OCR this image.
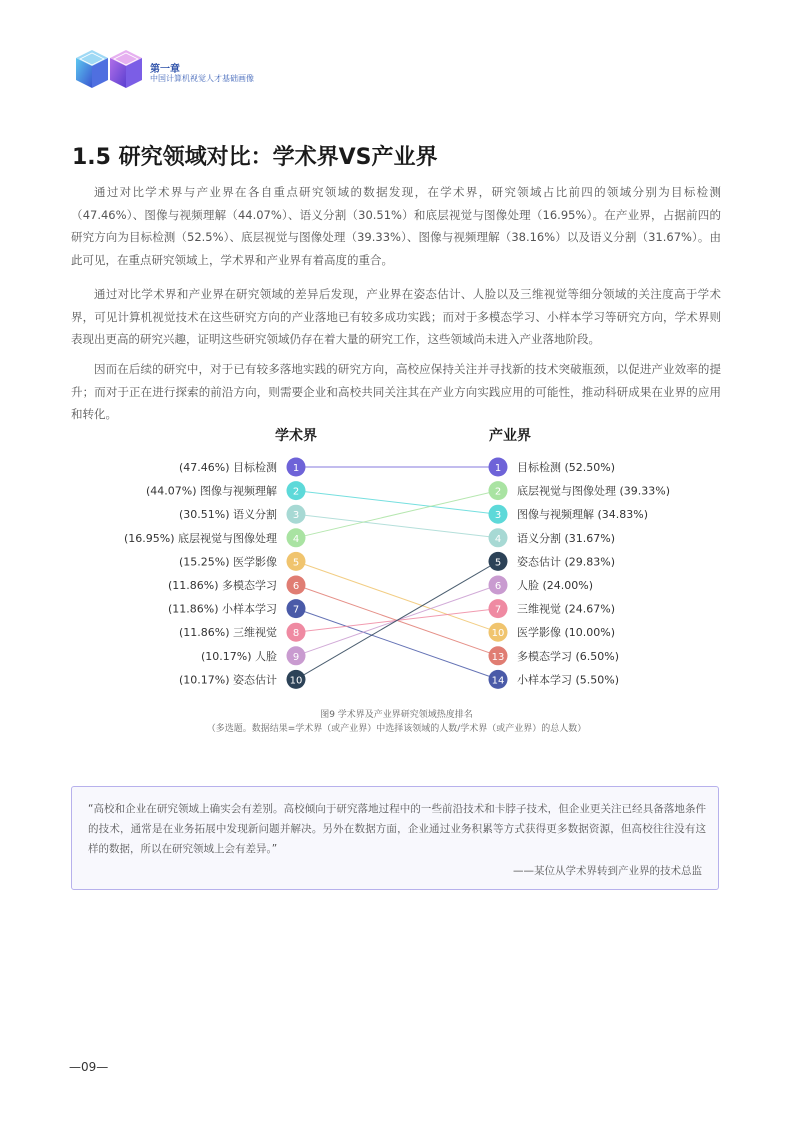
第一章
中国计算机视觉人才基础画像
1.5 研究领域对比：学术界VS产业界

通过对比学术界与产业界在各自重点研究领域的数据发现，在学术界，研究领域占比前四的领域分别为目标检测（47.46%）、图像与视频理解（44.07%）、语义分割（30.51%）和底层视觉与图像处理（16.95%）。在产业界，占据前四的研究方向为目标检测（52.5%）、底层视觉与图像处理（39.33%）、图像与视频理解（38.16%）以及语义分割（31.67%）。由此可见，在重点研究领域上，学术界和产业界有着高度的重合。

通过对比学术界和产业界在研究领域的差异后发现，产业界在姿态估计、人脸以及三维视觉等细分领域的关注度高于学术界，可见计算机视觉技术在这些研究方向的产业落地已有较多成功实践；而对于多模态学习、小样本学习等研究方向，学术界则表现出更高的研究兴趣，证明这些研究领域仍存在着大量的研究工作，这些领域尚未进入产业落地阶段。

因而在后续的研究中，对于已有较多落地实践的研究方向，高校应保持关注并寻找新的技术突破瓶颈，以促进产业效率的提升；而对于正在进行探索的前沿方向，则需要企业和高校共同关注其在产业方向实践应用的可能性，推动科研成果在业界的应用和转化。

学术界	产业界
1
(47.46%) 目标检测
2
(44.07%) 图像与视频理解
3
(30.51%) 语义分割
4
(16.95%) 底层视觉与图像处理
5
(15.25%) 医学影像
6
(11.86%) 多模态学习
7
(11.86%) 小样本学习
8
(11.86%) 三维视觉
9
(10.17%) 人脸
10
(10.17%) 姿态估计
1 目标检测 (52.50%)
2 底层视觉与图像处理 (39.33%)
3 图像与视频理解 (34.83%)
4 语义分割 (31.67%)
5 姿态估计 (29.83%)
6 人脸 (24.00%)
7 三维视觉 (24.67%)
10 医学影像 (10.00%)
13 多模态学习 (6.50%)
14 小样本学习 (5.50%)
图9 学术界及产业界研究领域热度排名
（多选题。数据结果=学术界（或产业界）中选择该领域的人数/学术界（或产业界）的总人数）

“高校和企业在研究领域上确实会有差别。高校倾向于研究落地过程中的一些前沿技术和卡脖子技术，但企业更关注已经具备落地条件的技术，通常是在业务拓展中发现新问题并解决。另外在数据方面，企业通过业务积累等方式获得更多数据资源，但高校往往没有这样的数据，所以在研究领域上会有差异。”

——某位从学术界转到产业界的技术总监
—09—
